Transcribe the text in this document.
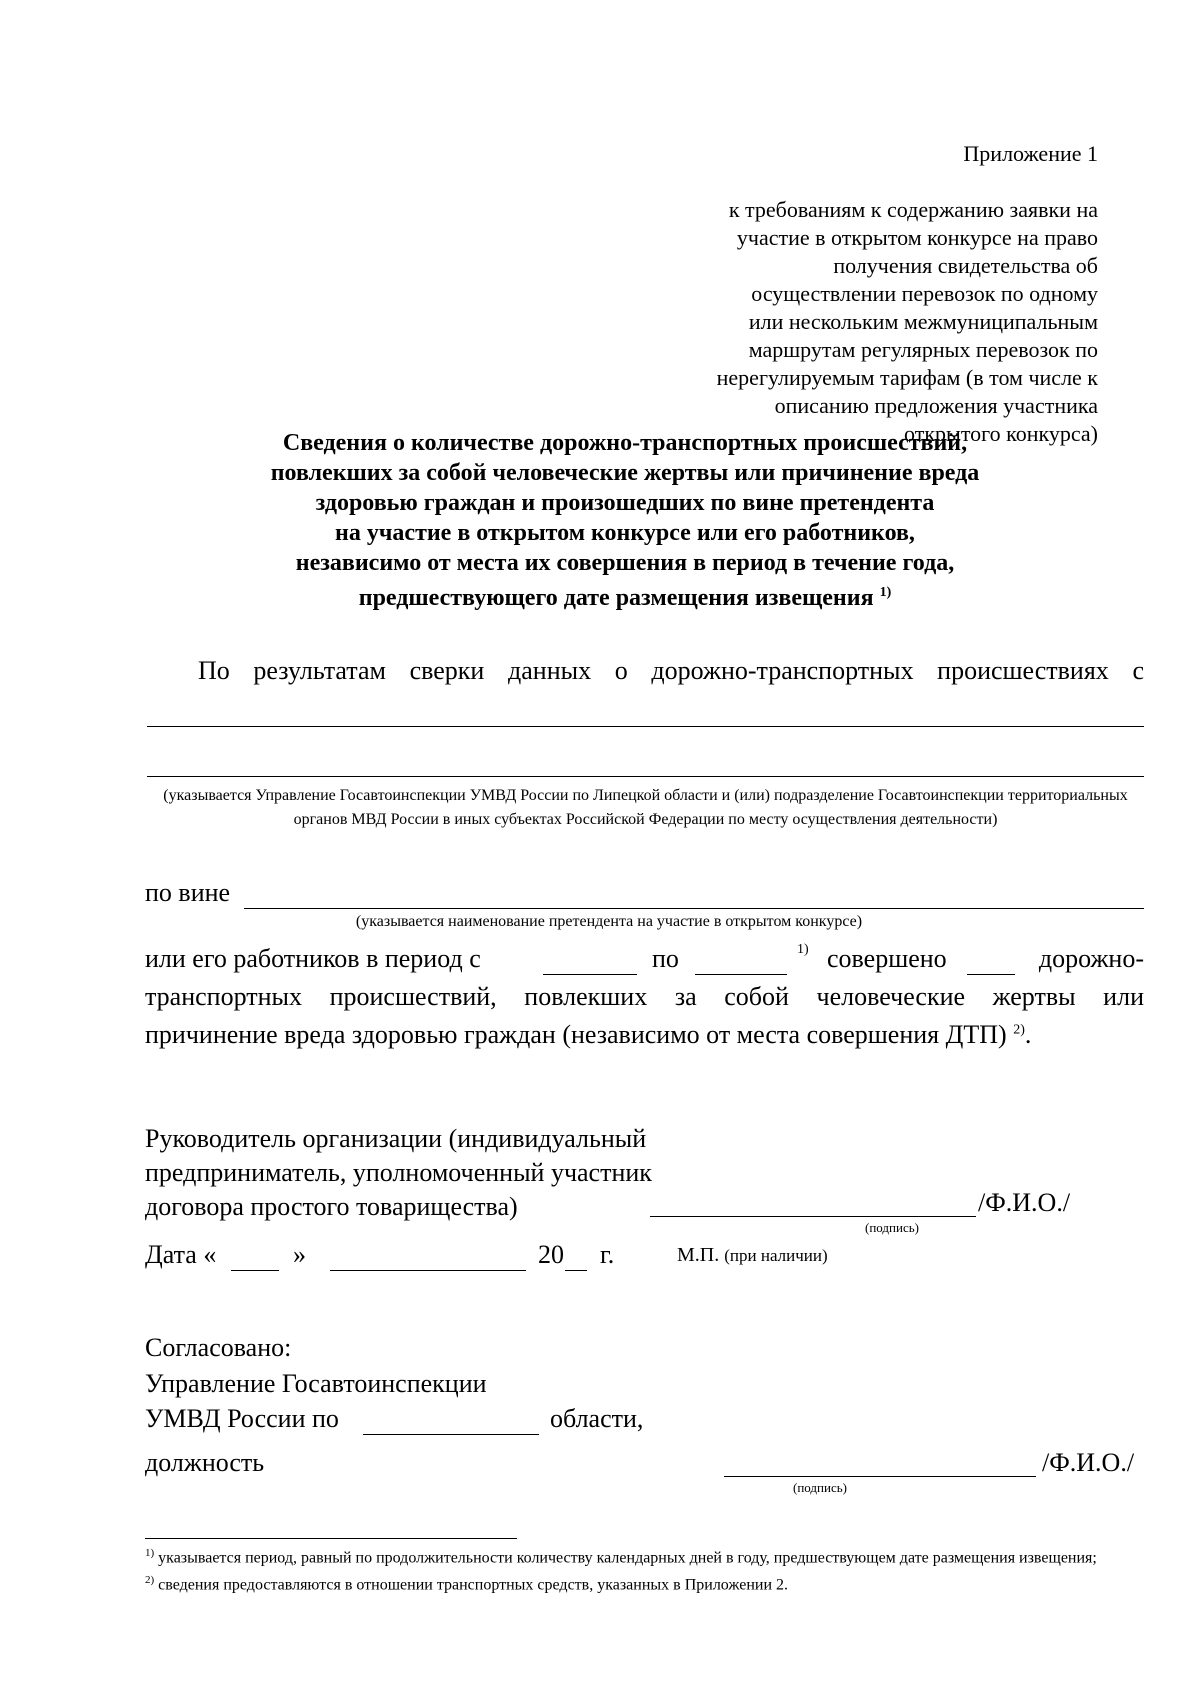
Приложение 1

к требованиям к содержанию заявки на
участие в открытом конкурсе на право
получения свидетельства об
осуществлении перевозок по одному
или нескольким межмуниципальным
маршрутам регулярных перевозок по
нерегулируемым тарифам (в том числе к
описанию предложения участника
открытого конкурса)

Сведения о количестве дорожно-транспортных происшествий,
повлекших за собой человеческие жертвы или причинение вреда
здоровью граждан и произошедших по вине претендента
на участие в открытом конкурсе или его работников,
независимо от места их совершения в период в течение года,
предшествующего дате размещения извещения $^{1)}$
По результатам сверки данных о дорожно-транспортных происшествиях с
(указывается Управление Госавтоинспекции УМВД России по Липецкой области и (или) подразделение Госавтоинспекции территориальных органов МВД России в иных субъектах Российской Федерации по месту осуществления деятельности)
по вине
(указывается наименование претендента на участие в открытом конкурсе)
или его работников в период с	по	1) совершено	дорожно-
транспортных происшествий, повлекших за собой человеческие жертвы или
причинение вреда здоровью граждан (независимо от места совершения ДТП) $^{2)}$.
Руководитель организации (индивидуальный
предприниматель, уполномоченный участник
договора простого товарищества)	/Ф.И.О./
(подпись)
Дата «	»	20 г.	М.П. (при наличии)
Согласовано:
Управление Госавтоинспекции
УМВД России по	области,
должность	/Ф.И.О./
(подпись)
$^{1)}$ указывается период, равный по продолжительности количеству календарных дней в году, предшествующем дате размещения извещения;
$^{2)}$ сведения предоставляются в отношении транспортных средств, указанных в Приложении 2.
